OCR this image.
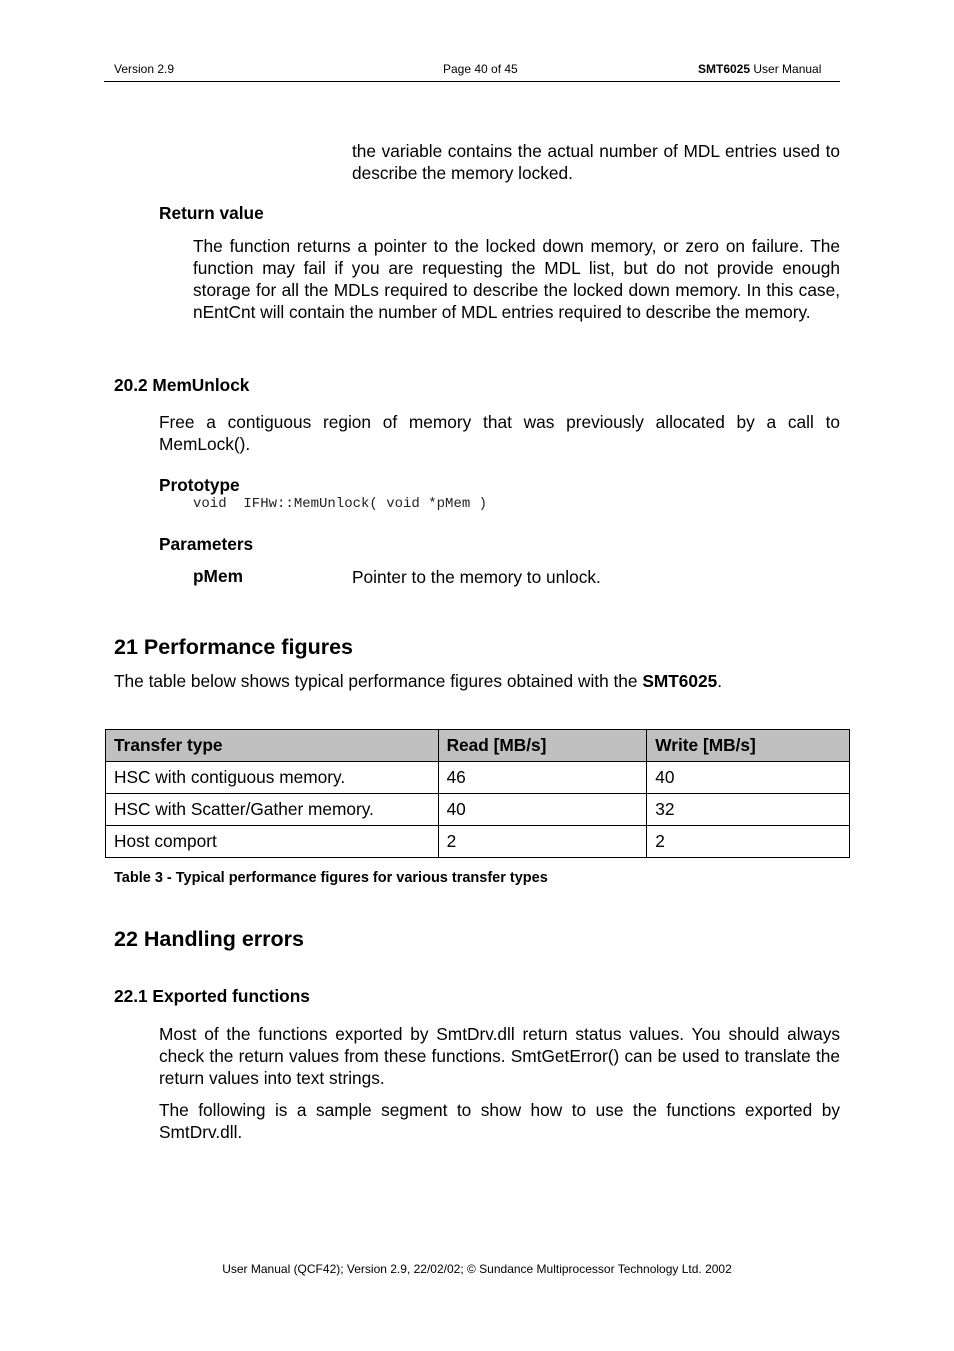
Version 2.9	Page 40 of 45	SMT6025 User Manual
the variable contains the actual number of MDL entries used to describe the memory locked.
Return value
The function returns a pointer to the locked down memory, or zero on failure. The function may fail if you are requesting the MDL list, but do not provide enough storage for all the MDLs required to describe the locked down memory. In this case, nEntCnt will contain the number of MDL entries required to describe the memory.
20.2 MemUnlock
Free a contiguous region of memory that was previously allocated by a call to MemLock().
Prototype
void  IFHw::MemUnlock( void *pMem )
Parameters
pMem	Pointer to the memory to unlock.
21 Performance figures
The table below shows typical performance figures obtained with the SMT6025.
Transfer type	Read [MB/s]	Write [MB/s]
HSC with contiguous memory.	46	40
HSC with Scatter/Gather memory.	40	32
Host comport	2	2
Table 3 - Typical performance figures for various transfer types
22 Handling errors
22.1 Exported functions
Most of the functions exported by SmtDrv.dll return status values. You should always check the return values from these functions. SmtGetError() can be used to translate the return values into text strings.
The following is a sample segment to show how to use the functions exported by SmtDrv.dll.
User Manual (QCF42); Version 2.9, 22/02/02; © Sundance Multiprocessor Technology Ltd. 2002
